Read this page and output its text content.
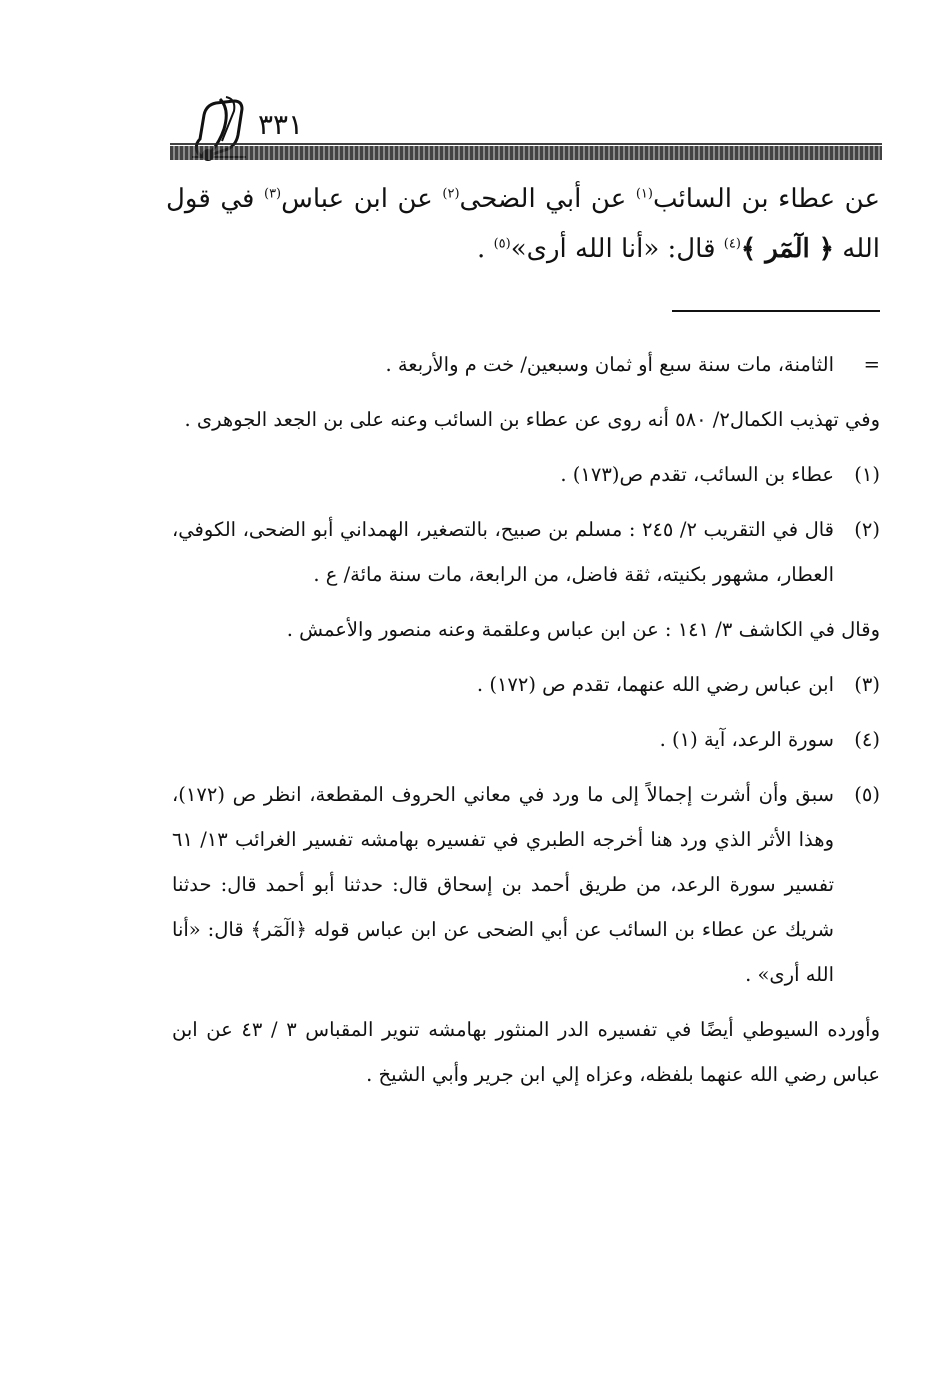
٣٣١

عن عطاء بن السائب$^{(١)}$ عن أبي الضحى$^{(٢)}$ عن ابن عباس$^{(٣)}$ في قول الله ﴿ الٓمٓر ﴾$^{(٤)}$ قال: «أنا الله أرى»$^{(٥)}$ .

=
الثامنة، مات سنة سبع أو ثمان وسبعين/ خت م والأربعة .
وفي تهذيب الكمال٢/ ٥٨٠ أنه روى عن عطاء بن السائب وعنه على بن الجعد الجوهرى .
(١)
عطاء بن السائب، تقدم ص(١٧٣) .
(٢)
قال في التقريب ٢/ ٢٤٥ : مسلم بن صبيح، بالتصغير، الهمداني أبو الضحى، الكوفي، العطار، مشهور بكنيته، ثقة فاضل، من الرابعة، مات سنة مائة/ ع .
وقال في الكاشف ٣/ ١٤١ : عن ابن عباس وعلقمة وعنه منصور والأعمش .
(٣)
ابن عباس رضي الله عنهما، تقدم ص (١٧٢) .
(٤)
سورة الرعد، آية (١) .
(٥)
سبق وأن أشرت إجمالاً إلى ما ورد في معاني الحروف المقطعة، انظر ص (١٧٢)، وهذا الأثر الذي ورد هنا أخرجه الطبري في تفسيره بهامشه تفسير الغرائب ١٣/ ٦١ تفسير سورة الرعد، من طريق أحمد بن إسحاق قال: حدثنا أبو أحمد قال: حدثنا شريك عن عطاء بن السائب عن أبي الضحى عن ابن عباس قوله ﴿الٓمٓر﴾ قال: «أنا الله أرى» .
وأورده السيوطي أيضًا في تفسيره الدر المنثور بهامشه تنوير المقباس ٣ / ٤٣ عن ابن عباس رضي الله عنهما بلفظه، وعزاه إلي ابن جرير وأبي الشيخ .
